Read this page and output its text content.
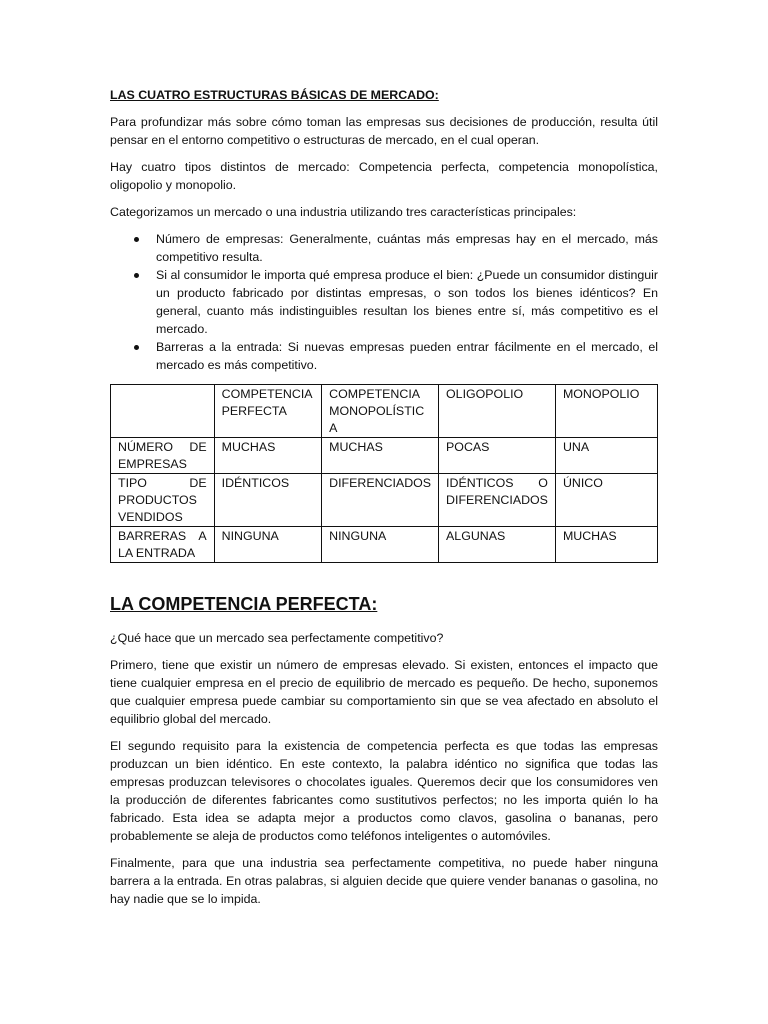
LAS CUATRO ESTRUCTURAS BÁSICAS DE MERCADO:

Para profundizar más sobre cómo toman las empresas sus decisiones de producción, resulta útil pensar en el entorno competitivo o estructuras de mercado, en el cual operan.

Hay cuatro tipos distintos de mercado: Competencia perfecta, competencia monopolística, oligopolio y monopolio.

Categorizamos un mercado o una industria utilizando tres características principales:

Número de empresas: Generalmente, cuántas más empresas hay en el mercado, más competitivo resulta.
Si al consumidor le importa qué empresa produce el bien: ¿Puede un consumidor distinguir un producto fabricado por distintas empresas, o son todos los bienes idénticos? En general, cuanto más indistinguibles resultan los bienes entre sí, más competitivo es el mercado.
Barreras a la entrada: Si nuevas empresas pueden entrar fácilmente en el mercado, el mercado es más competitivo.
	COMPETENCIA PERFECTA	COMPETENCIA MONOPOLÍSTICA	OLIGOPOLIO	MONOPOLIO
NÚMERO DE EMPRESAS	MUCHAS	MUCHAS	POCAS	UNA
TIPO DE PRODUCTOS VENDIDOS	IDÉNTICOS	DIFERENCIADOS	IDÉNTICOS O DIFERENCIADOS	ÚNICO
BARRERAS A LA ENTRADA	NINGUNA	NINGUNA	ALGUNAS	MUCHAS
LA COMPETENCIA PERFECTA:

¿Qué hace que un mercado sea perfectamente competitivo?

Primero, tiene que existir un número de empresas elevado. Si existen, entonces el impacto que tiene cualquier empresa en el precio de equilibrio de mercado es pequeño. De hecho, suponemos que cualquier empresa puede cambiar su comportamiento sin que se vea afectado en absoluto el equilibrio global del mercado.

El segundo requisito para la existencia de competencia perfecta es que todas las empresas produzcan un bien idéntico. En este contexto, la palabra idéntico no significa que todas las empresas produzcan televisores o chocolates iguales. Queremos decir que los consumidores ven la producción de diferentes fabricantes como sustitutivos perfectos; no les importa quién lo ha fabricado. Esta idea se adapta mejor a productos como clavos, gasolina o bananas, pero probablemente se aleja de productos como teléfonos inteligentes o automóviles.

Finalmente, para que una industria sea perfectamente competitiva, no puede haber ninguna barrera a la entrada. En otras palabras, si alguien decide que quiere vender bananas o gasolina, no hay nadie que se lo impida.
